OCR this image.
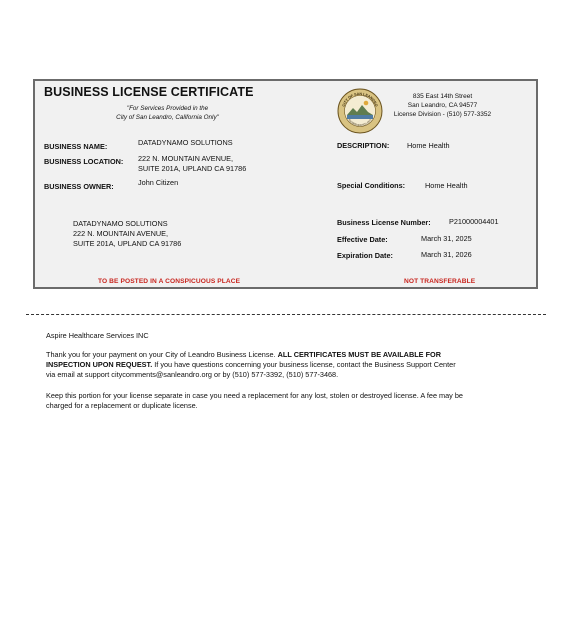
BUSINESS LICENSE CERTIFICATE
"For Services Provided in the
City of San Leandro, California Only"
CITY OF SAN LEANDRO
INCORPORATED 1872
835 East 14th Street
San Leandro, CA 94577
License Division - (510) 577-3352
BUSINESS NAME:	DATADYNAMO SOLUTIONS
BUSINESS LOCATION: 222 N. MOUNTAIN AVENUE,
SUITE 201A, UPLAND CA 91786
BUSINESS OWNER:	John Citizen
DESCRIPTION: Home Health
Special Conditions:	Home Health
DATADYNAMO SOLUTIONS
222 N. MOUNTAIN AVENUE,
SUITE 201A, UPLAND CA 91786
Business License Number:	P21000004401
Effective Date:	March 31, 2025
Expiration Date:	March 31, 2026
TO BE POSTED IN A CONSPICUOUS PLACE	NOT TRANSFERABLE
Aspire Healthcare Services INC
Thank you for your payment on your City of Leandro Business License. ALL CERTIFICATES MUST BE AVAILABLE FOR INSPECTION UPON REQUEST. If you have questions concerning your business license, contact the Business Support Center via email at support citycomments@sanleandro.org or by (510) 577-3392, (510) 577-3468.
Keep this portion for your license separate in case you need a replacement for any lost, stolen or destroyed license. A fee may be charged for a replacement or duplicate license.
